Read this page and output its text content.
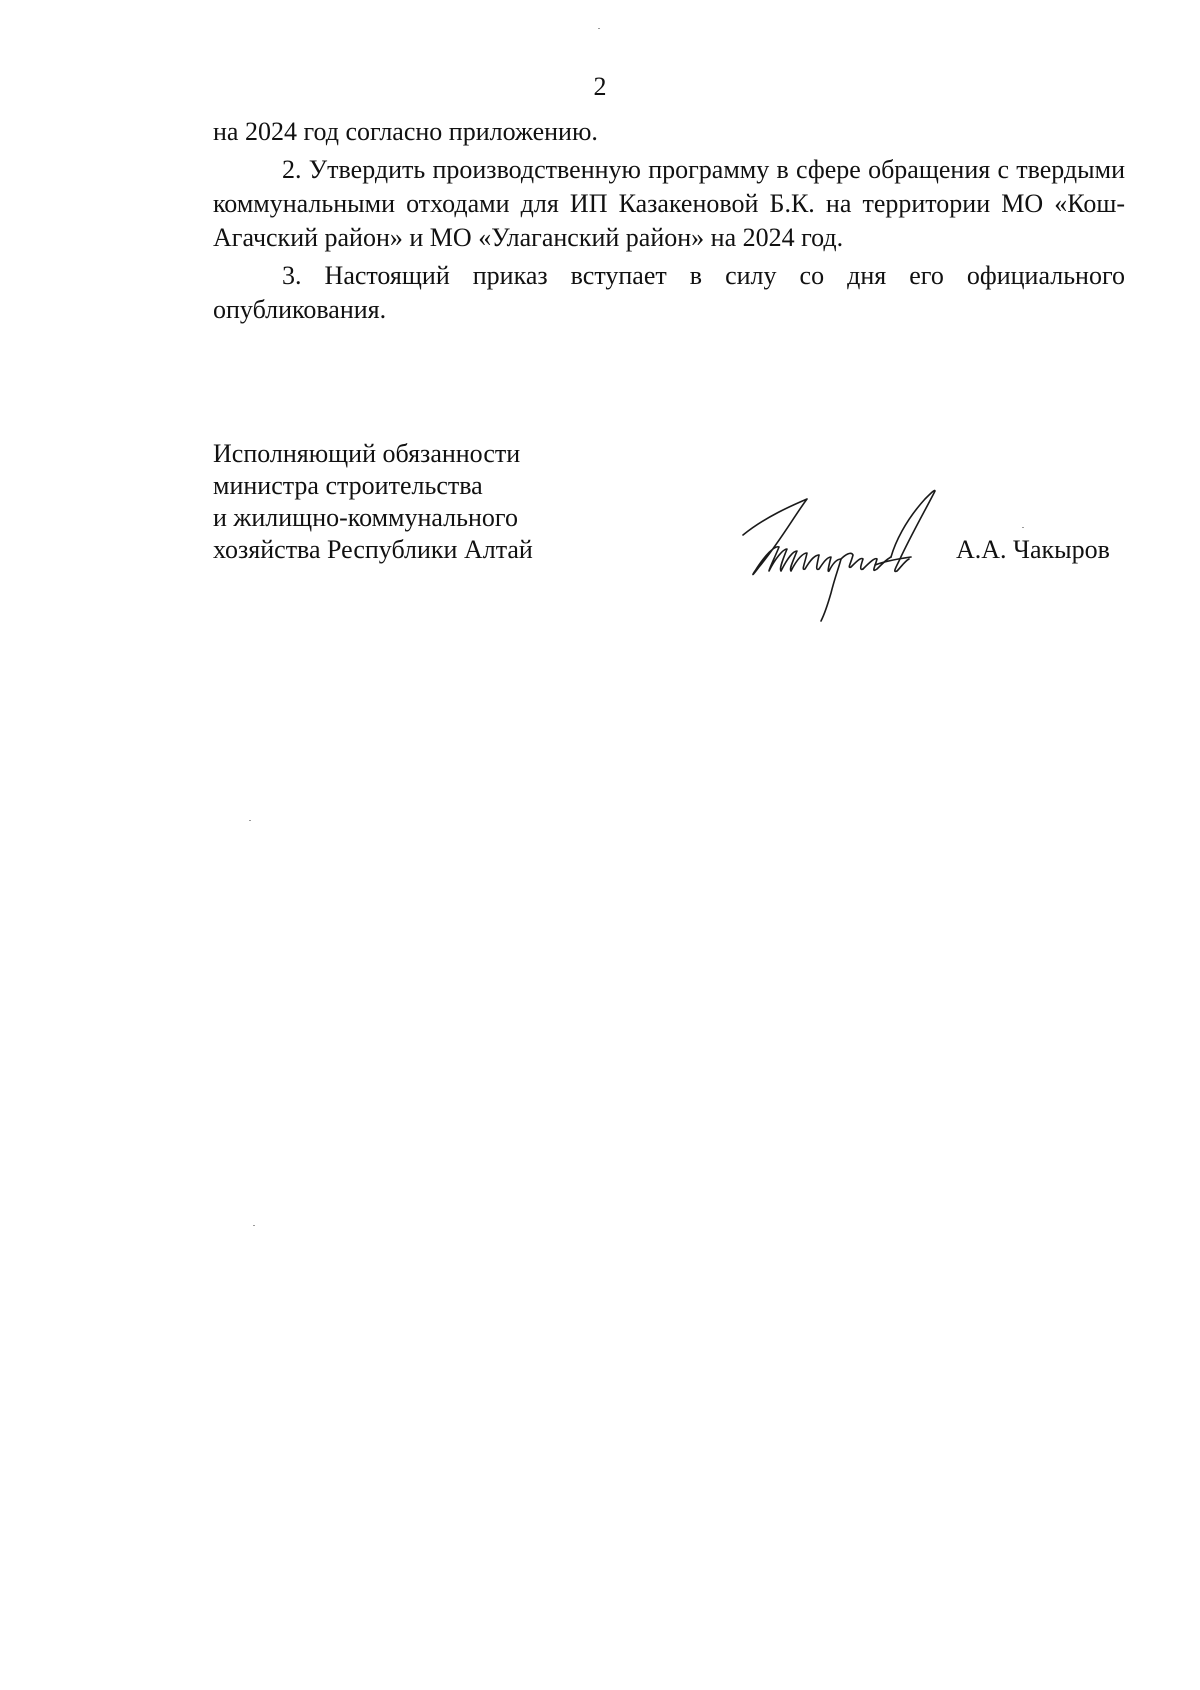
2

на 2024 год согласно приложению.

2. Утвердить производственную программу в сфере обращения с твердыми коммунальными отходами для ИП Казакеновой Б.К. на территории МО «Кош-Агачский район» и МО «Улаганский район» на 2024 год.

3. Настоящий приказ вступает в силу со дня его официального опубликования.

Исполняющий обязанности
министра строительства
и жилищно-коммунального
хозяйства Республики Алтай	А.А. Чакыров
